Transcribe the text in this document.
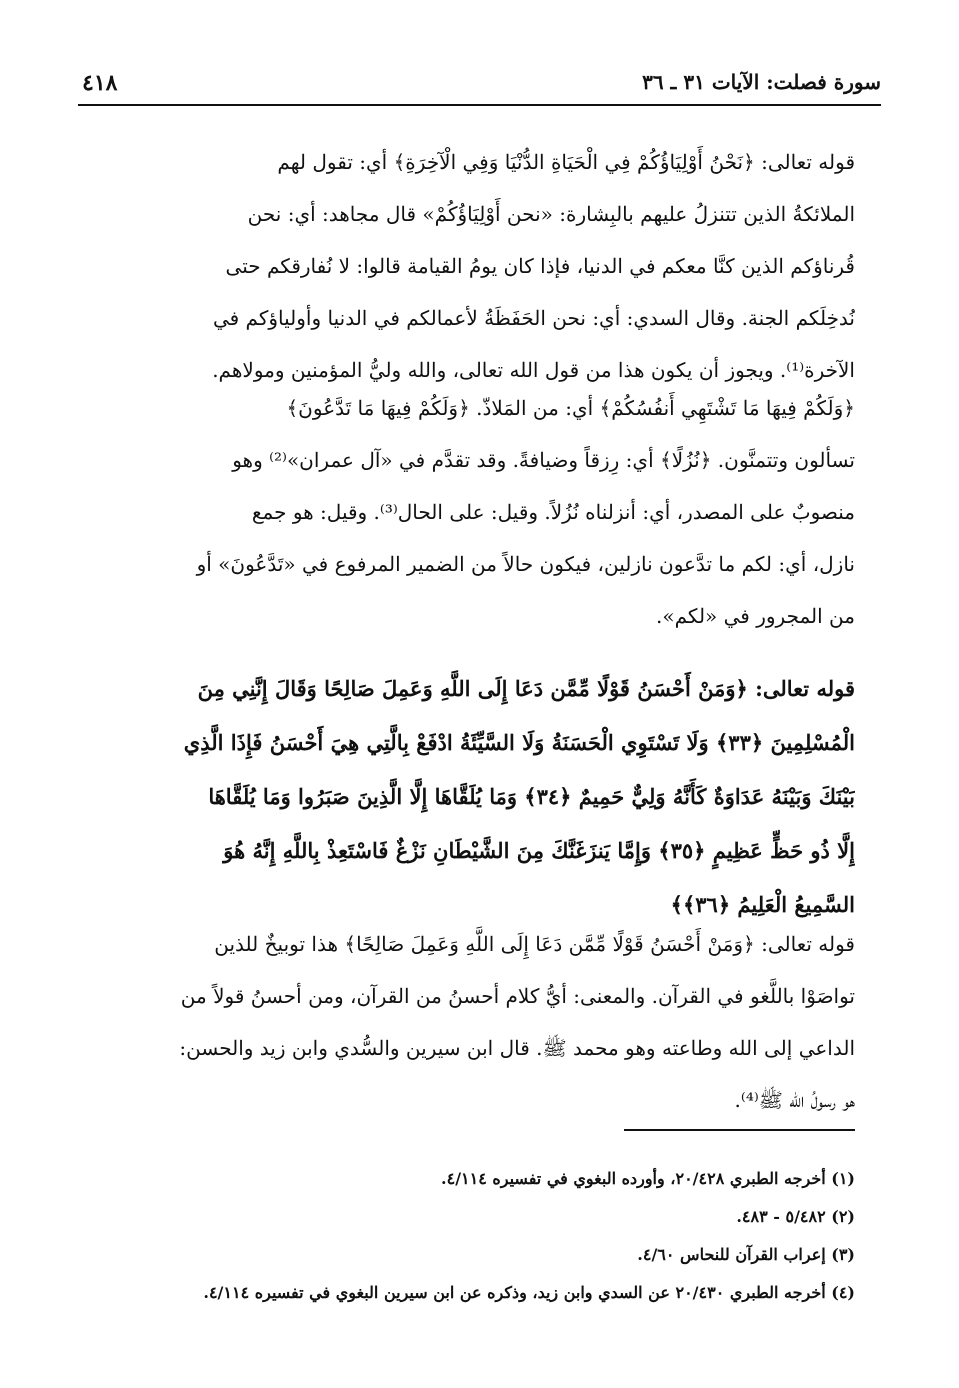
سورة فصلت: الآيات ٣١ ـ ٣٦
٤١٨
قوله تعالى: ﴿نَحْنُ أَوْلِيَاؤُكُمْ فِي الْحَيَاةِ الدُّنْيَا وَفِي الْآخِرَةِ﴾ أي: تقول لهم
الملائكةُ الذين تتنزلُ عليهم بالبِشارة: «نحن أَوْلِيَاؤُكُمْ» قال مجاهد: أي: نحن
قُرناؤكم الذين كنَّا معكم في الدنيا، فإذا كان يومُ القيامة قالوا: لا نُفارقكم حتى
نُدخِلَكم الجنة. وقال السدي: أي: نحن الحَفَظَةُ لأعمالكم في الدنيا وأولياؤكم في
الآخرة⁽¹⁾. ويجوز أن يكون هذا من قول الله تعالى، والله وليُّ المؤمنين ومولاهم.
﴿وَلَكُمْ فِيهَا مَا تَشْتَهِي أَنفُسُكُمْ﴾ أي: من المَلاذّ. ﴿وَلَكُمْ فِيهَا مَا تَدَّعُونَ﴾
تسألون وتتمنَّون. ﴿نُزُلًا﴾ أي: رِزقاً وضيافةً. وقد تقدَّم في «آل عمران»⁽²⁾ وهو
منصوبٌ على المصدر، أي: أنزلناه نُزُلاً. وقيل: على الحال⁽³⁾. وقيل: هو جمع
نازل، أي: لكم ما تدَّعون نازلين، فيكون حالاً من الضمير المرفوع في «تَدَّعُونَ» أو
من المجرور في «لكم».
قوله تعالى: ﴿وَمَنْ أَحْسَنُ قَوْلًا مِّمَّن دَعَا إِلَى اللَّهِ وَعَمِلَ صَالِحًا وَقَالَ إِنَّنِي مِنَ
الْمُسْلِمِينَ ﴿٣٣﴾ وَلَا تَسْتَوِي الْحَسَنَةُ وَلَا السَّيِّئَةُ ادْفَعْ بِالَّتِي هِيَ أَحْسَنُ فَإِذَا الَّذِي
بَيْنَكَ وَبَيْنَهُ عَدَاوَةٌ كَأَنَّهُ وَلِيٌّ حَمِيمٌ ﴿٣٤﴾ وَمَا يُلَقَّاهَا إِلَّا الَّذِينَ صَبَرُوا وَمَا يُلَقَّاهَا
إِلَّا ذُو حَظٍّ عَظِيمٍ ﴿٣٥﴾ وَإِمَّا يَنزَغَنَّكَ مِنَ الشَّيْطَانِ نَزْغٌ فَاسْتَعِذْ بِاللَّهِ إِنَّهُ هُوَ
السَّمِيعُ الْعَلِيمُ ﴿٣٦﴾﴾
قوله تعالى: ﴿وَمَنْ أَحْسَنُ قَوْلًا مِّمَّن دَعَا إِلَى اللَّهِ وَعَمِلَ صَالِحًا﴾ هذا توبيخٌ للذين
تواصَوْا باللَّغو في القرآن. والمعنى: أيُّ كلام أحسنُ من القرآن، ومن أحسنُ قولاً من
الداعي إلى الله وطاعته وهو محمد ﷺ. قال ابن سيرين والسُّدي وابن زيد والحسن:
هو رسولُ الله ﷺ⁽⁴⁾.
(١) أخرجه الطبري ٢٠/٤٢٨، وأورده البغوي في تفسيره ٤/١١٤.
(٢) ٥/٤٨٢ - ٤٨٣.
(٣) إعراب القرآن للنحاس ٤/٦٠.
(٤) أخرجه الطبري ٢٠/٤٣٠ عن السدي وابن زيد، وذكره عن ابن سيرين البغوي في تفسيره ٤/١١٤.
